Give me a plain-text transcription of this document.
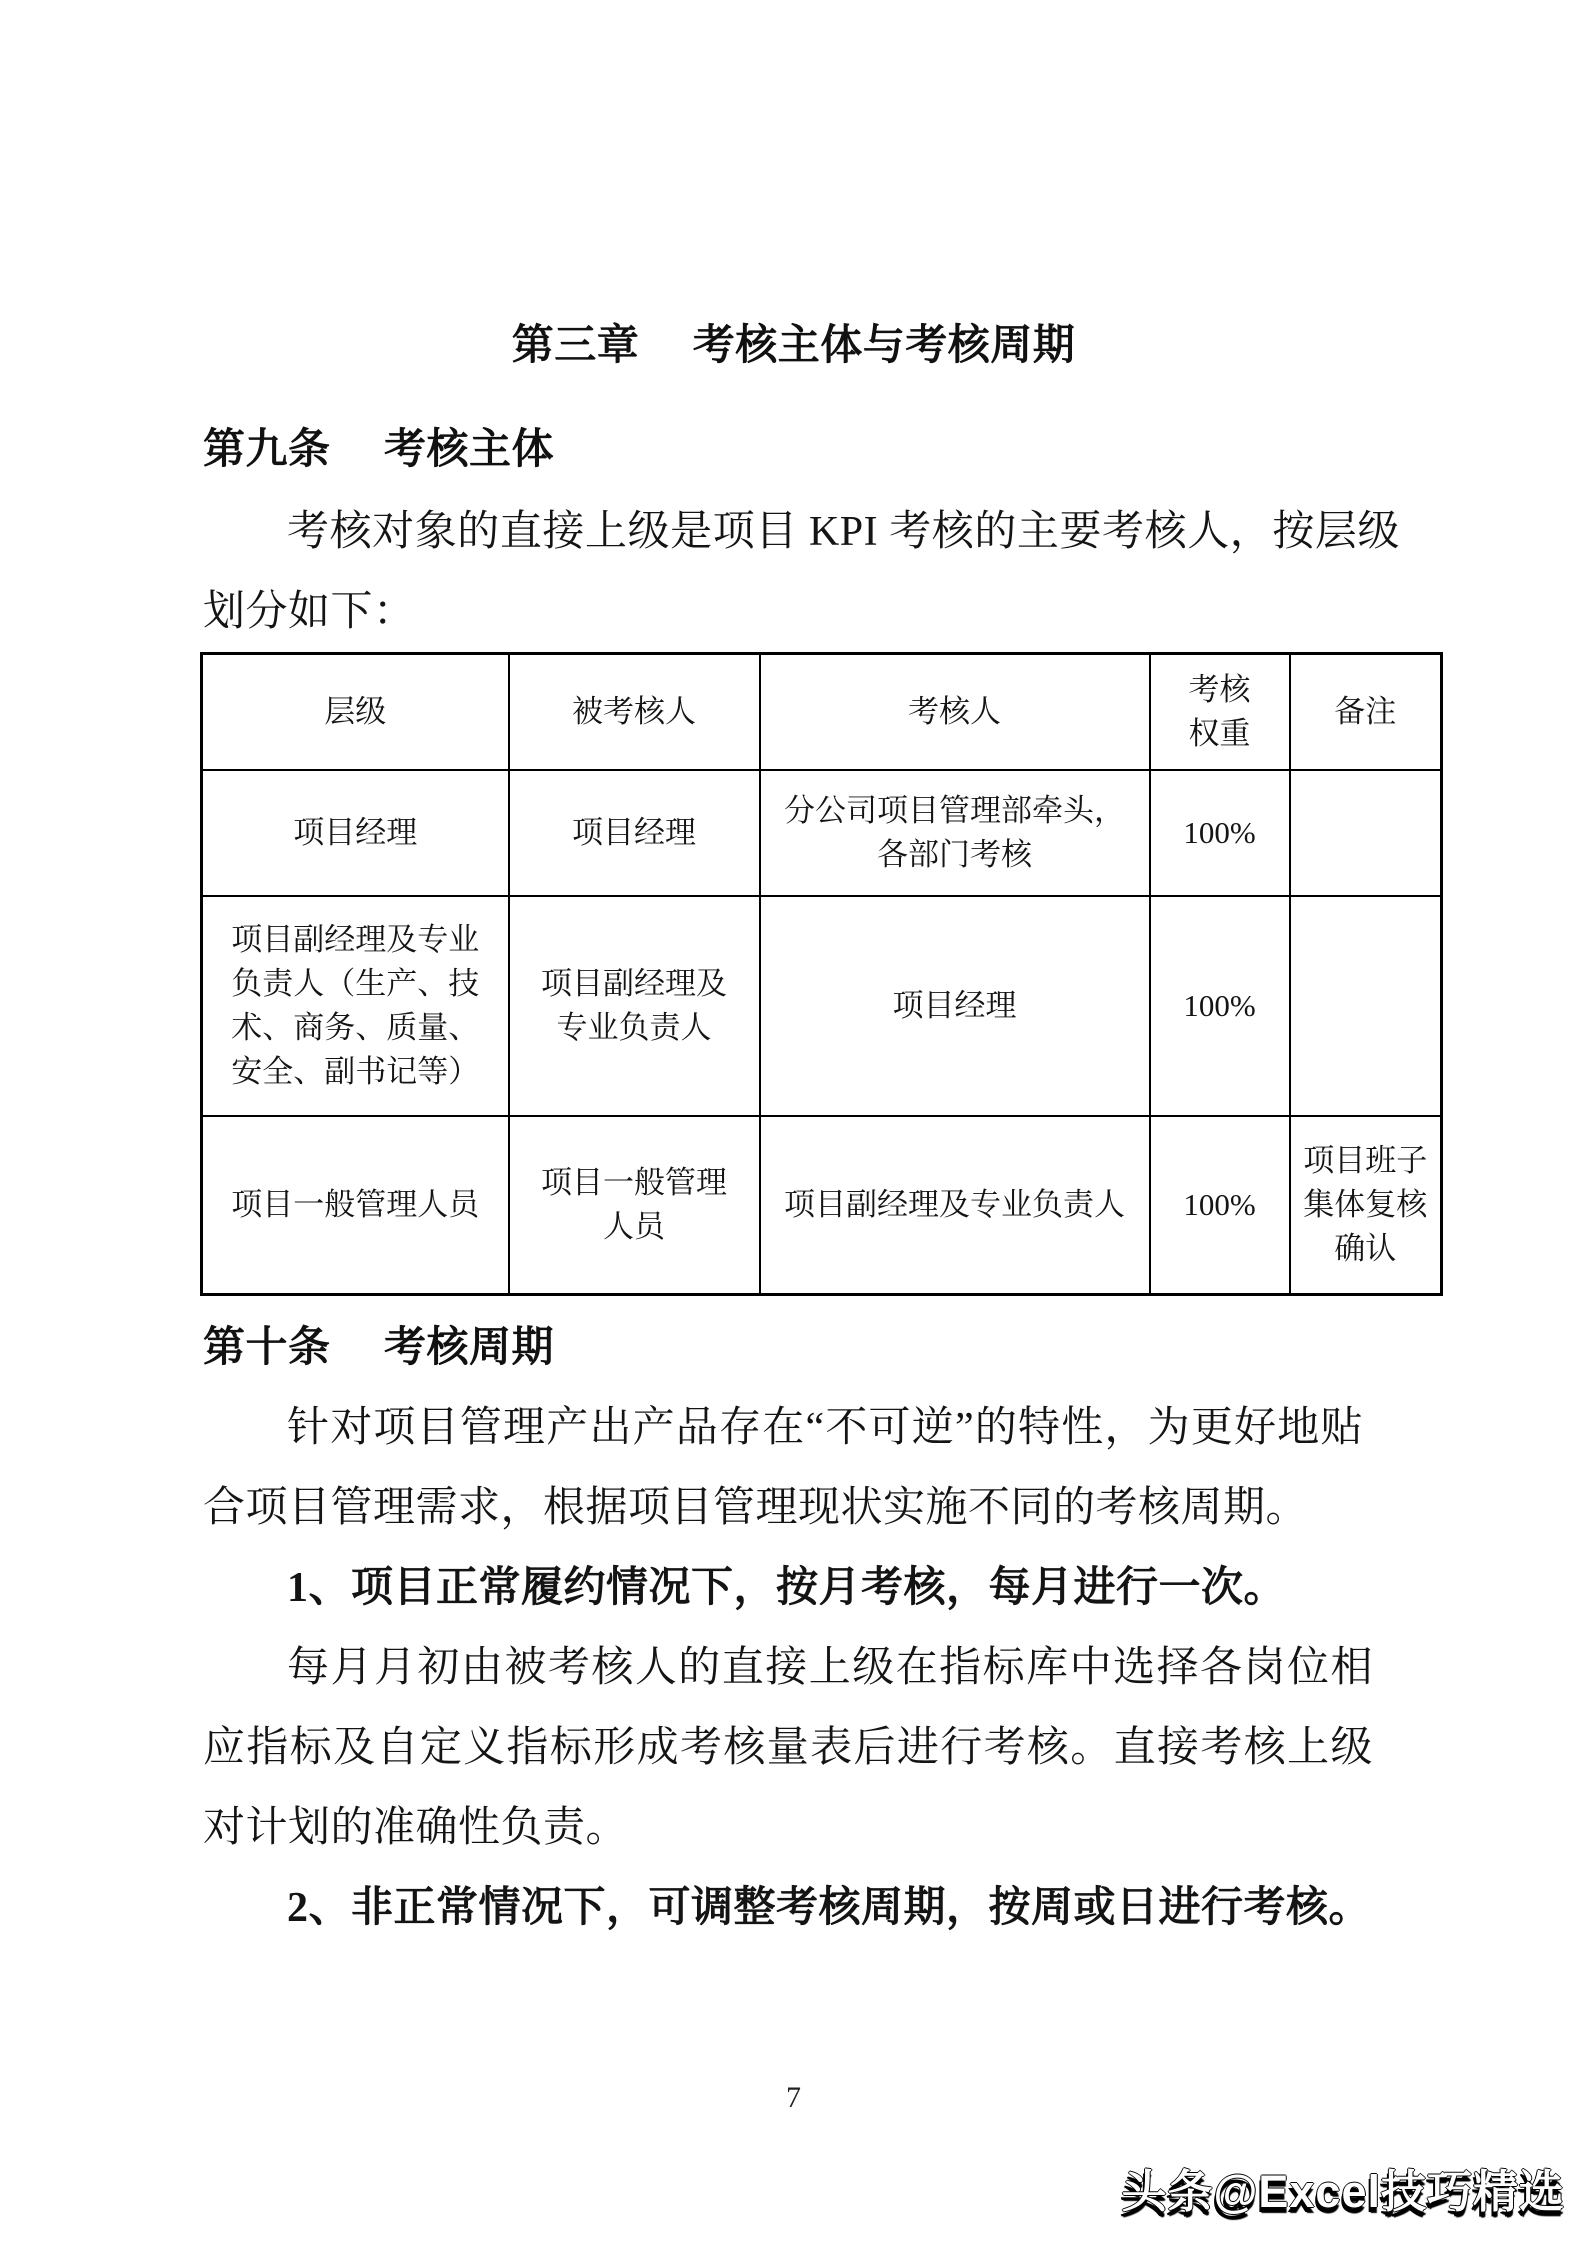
第三章　 考核主体与考核周期
第九条　 考核主体
考核对象的直接上级是项目 KPI 考核的主要考核人，按层级划分如下：
层级	被考核人	考核人	考核权重	备注
项目经理	项目经理	分公司项目管理部牵头，各部门考核	100%	
项目副经理及专业负责人（生产、技术、商务、质量、安全、副书记等）	项目副经理及专业负责人	项目经理	100%	
项目一般管理人员	项目一般管理人员	项目副经理及专业负责人	100%	项目班子集体复核确认
第十条　 考核周期
针对项目管理产出产品存在“不可逆”的特性，为更好地贴合项目管理需求，根据项目管理现状实施不同的考核周期。
1、项目正常履约情况下，按月考核，每月进行一次。
每月月初由被考核人的直接上级在指标库中选择各岗位相应指标及自定义指标形成考核量表后进行考核。直接考核上级对计划的准确性负责。
2、非正常情况下，可调整考核周期，按周或日进行考核。
7
头条@Excel技巧精选
